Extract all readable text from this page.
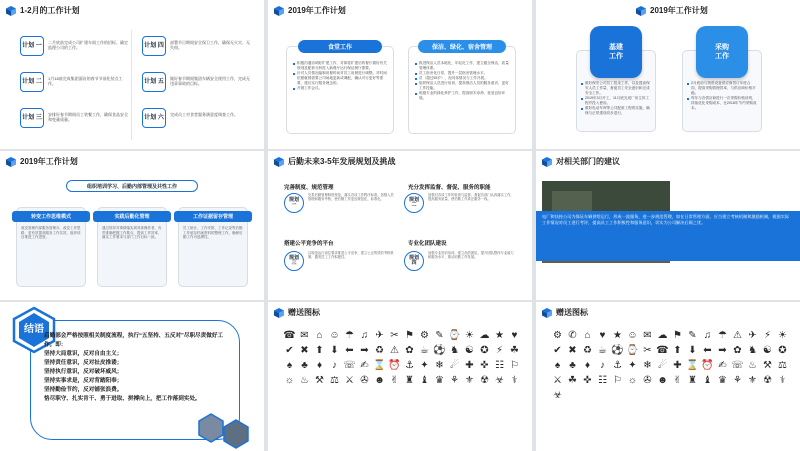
1-2月的工作计划
计划 一
二月底前完成公司扩建车间工作的招标、确定监理公司的工作。
计划 二
1月18前完成集团面访的春节节前化装点工作。
计划 三
安排好春节期间员工装餐工作，确保食品安全和变量质量。
计划 四
部署节日期间安全保卫工作，确保无火灾、无失窃。
计划 五
做好春节期间集团车辆安全使用工作，完成无违章事故的目标。
计划 六
完成员工对食堂服务满意度调查工作。
2019年工作计划
积极沟通协调好扩建工作，对即将扩建后的餐厅做好有关规划及配套分析进入新餐厅运行保证餐厅需要。
针对人员情况编制用餐时间对员工用餐进行调整。对时间依照就餐需要公司场地更新或调配，确认可行更好等需要，建议实行服务理念的。
开展工作会议。
食堂工作
推进保洁人员本地化，年轻化工作，建立健全保洁，质量管理体系。
员工宿舍化日常，提升一层宿舍管理水平。
员（超过55岁），视具体情况与工作开展。
组织保洁人员进行培训，提高保洁人员的服务意识，更好工作技能。
班级专业的绿化养护工作，提高树木寿命、营造良好环境。
保洁、绿化、宿舍管理
2019年工作计划
做好保安公司员工招录工作，以及提高保安人员工作量，督促员工安全意识和完成安全工作。
2019年3月开工，11月底完成厂房主体工程并投入使用。
做好电动车库等公共配套工程的实施，确保与正常建设同步进行。
基建
工作
2月底前与物资设备供应商签订年度合同，提高采购管理效率，与供应商价格平稳。
每年与各供应商进行一次采购价格谈判，持续优化采购成本，比2018年节约采购成本。
采购
工作
2019年工作计划
组织培训学习、后勤内部管理及共性工作
改变管理内部服务管理办，改变工作思路，更有效提高服务工作实效，组织项目推进工作进度。
转变工作思维模式
通过领导对事情落实到具体操作者，负责准确把握工作要点，提高工作效率，落实工作要求与部门工作目标一致。
实践后勤化管理
员工统计、工作安排、工作记录等后勤工作留存档案资料的整理工作，确保后勤工作可追溯性。
工作证据留存管理
后勤未来3-5年发展规划及挑战
规划
一
完善制度、规范管理
完善后勤管理制度规范，落实各项工作程序标准，加强人员管理和服务考核，使后勤工作更加规范化、标准化。	规划
二
充分发挥监督、督促、服务的职能
加强对各项工作的检查与监督，督促各部门认真落实工作，提高服务质量，使后勤工作真正服务一线。
规划
三
搭建公平竞争的平台
以规范运行岗位要求推进公平竞争，建立公正的绩效考核机制，激发员工工作积极性。	规划
四
专业化团队建设
加强专业知识培训，建立高效团队，提升团队整体专业能力和服务水平，推动后勤工作发展。
对相关部门的建议
电厂和扶持公司为保证车辆供给运行，形成一流服务，进一步规范管理，如在日常管理方面，应当建立考核机制和激励机制，根据实际工作情况对员工进行考评，提高员工工作积极性和服务意识，切实为公司解决后顾之忧。
结语
后勤部会严格按照相关制度流程，执行“五坚持、五反对”尽职尽责做好工作。即：
坚持大局意识，反对自由主义；
坚持责任意识，反对扯皮推诿；
坚持执行意识，反对破坏威风；
坚持实事求是，反对背踏阳奉；
坚持勤俭节约，反对铺张浪费。
恪尽职守、扎实肯干、勇于进取、拼搏向上，把工作落到实处。
赠送图标
☎ ✉ ⌂ ☺ ☂ ♫ ✈ ✂ ⚑ ⚙ ✎ ⌚ ☀ ☁ ★ ♥
✔ ✖ ⬆ ⬇ ⬅ ➡ ♻ ⚠ ✿ ☕ ⚽ ♞ ☯ ✪ ⚡ ☘
♠ ♣ ♦ ♪ ☏ ✍ ⌛ ⏰ ⚓ ✦ ❄ ☄ ✚ ✜ ☷ ⚐
☼ ♨ ⚒ ⚖ ⚔ ✇ ☻ ✌ ♜ ♝ ♛ ⚘ ⚜ ☢ ☣ ⚕
赠送图标
⚙ ✆ ⌂ ♥ ★ ☺ ✉ ☁ ⚑ ✎ ♫ ☂ ⚠ ✈ ⚡ ☀
✔ ✖ ♻ ☕ ⚽ ⌚ ✂ ☎ ⬆ ⬇ ⬅ ➡ ✿ ♞ ☯ ✪
♠ ♣ ♦ ♪ ⚓ ✦ ❄ ☄ ✚ ⌛ ⏰ ✍ ☏ ♨ ⚒ ⚖
⚔ ☘ ✜ ☷ ⚐ ☼ ✇ ☻ ✌ ♜ ♝ ♛ ⚘ ⚜ ☢ ⚕
☣
